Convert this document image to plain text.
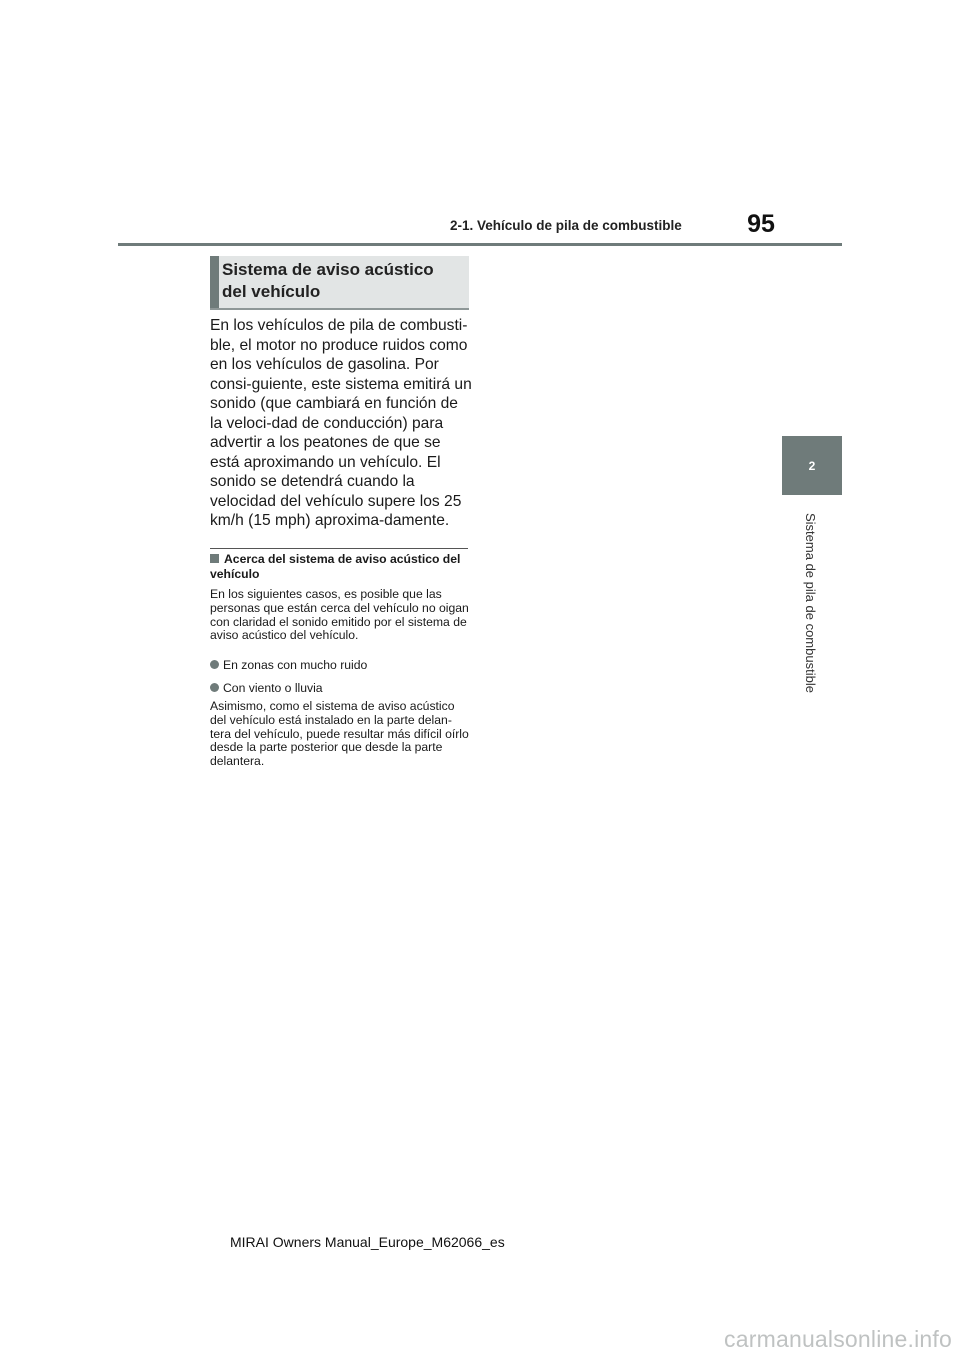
2-1. Vehículo de pila de combustible	95
2
Sistema de pila de combustible
Sistema de aviso acústico del vehículo
En los vehículos de pila de combusti-ble, el motor no produce ruidos como en los vehículos de gasolina. Por consi-guiente, este sistema emitirá un sonido (que cambiará en función de la veloci-dad de conducción) para advertir a los peatones de que se está aproximando un vehículo. El sonido se detendrá cuando la velocidad del vehículo supere los 25 km/h (15 mph) aproxima-damente.
Acerca del sistema de aviso acústico del vehículo
En los siguientes casos, es posible que las personas que están cerca del vehículo no oigan con claridad el sonido emitido por el sistema de aviso acústico del vehículo.
En zonas con mucho ruido
Con viento o lluvia
Asimismo, como el sistema de aviso acústico del vehículo está instalado en la parte delan-tera del vehículo, puede resultar más difícil oírlo desde la parte posterior que desde la parte delantera.
MIRAI Owners Manual_Europe_M62066_es
carmanualsonline.info
